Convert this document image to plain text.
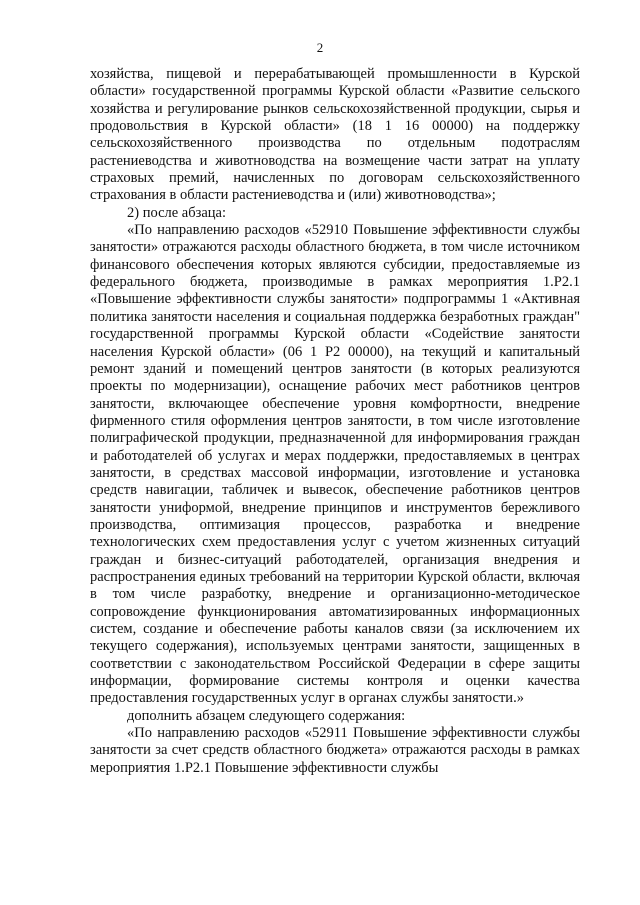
2

хозяйства, пищевой и перерабатывающей промышленности в Курской области» государственной программы Курской области «Развитие сельского хозяйства и регулирование рынков сельскохозяйственной продукции, сырья и продовольствия в Курской области» (18 1 16 00000) на поддержку сельскохозяйственного производства по отдельным подотраслям растениеводства и животноводства на возмещение части затрат на уплату страховых премий, начисленных по договорам сельскохозяйственного страхования в области растениеводства и (или) животноводства»;

2) после абзаца:

«По направлению расходов «52910 Повышение эффективности службы занятости» отражаются расходы областного бюджета, в том числе источником финансового обеспечения которых являются субсидии, предоставляемые из федерального бюджета, производимые в рамках мероприятия 1.P2.1 «Повышение эффективности службы занятости» подпрограммы 1 «Активная политика занятости населения и социальная поддержка безработных граждан" государственной программы Курской области «Содействие занятости населения Курской области» (06 1 P2 00000), на текущий и капитальный ремонт зданий и помещений центров занятости (в которых реализуются проекты по модернизации), оснащение рабочих мест работников центров занятости, включающее обеспечение уровня комфортности, внедрение фирменного стиля оформления центров занятости, в том числе изготовление полиграфической продукции, предназначенной для информирования граждан и работодателей об услугах и мерах поддержки, предоставляемых в центрах занятости, в средствах массовой информации, изготовление и установка средств навигации, табличек и вывесок, обеспечение работников центров занятости униформой, внедрение принципов и инструментов бережливого производства, оптимизация процессов, разработка и внедрение технологических схем предоставления услуг с учетом жизненных ситуаций граждан и бизнес-ситуаций работодателей, организация внедрения и распространения единых требований на территории Курской области, включая в том числе разработку, внедрение и организационно-методическое сопровождение функционирования автоматизированных информационных систем, создание и обеспечение работы каналов связи (за исключением их текущего содержания), используемых центрами занятости, защищенных в соответствии с законодательством Российской Федерации в сфере защиты информации, формирование системы контроля и оценки качества предоставления государственных услуг в органах службы занятости.»

дополнить абзацем следующего содержания:

«По направлению расходов «52911 Повышение эффективности службы занятости за счет средств областного бюджета» отражаются расходы в рамках мероприятия 1.P2.1 Повышение эффективности службы
